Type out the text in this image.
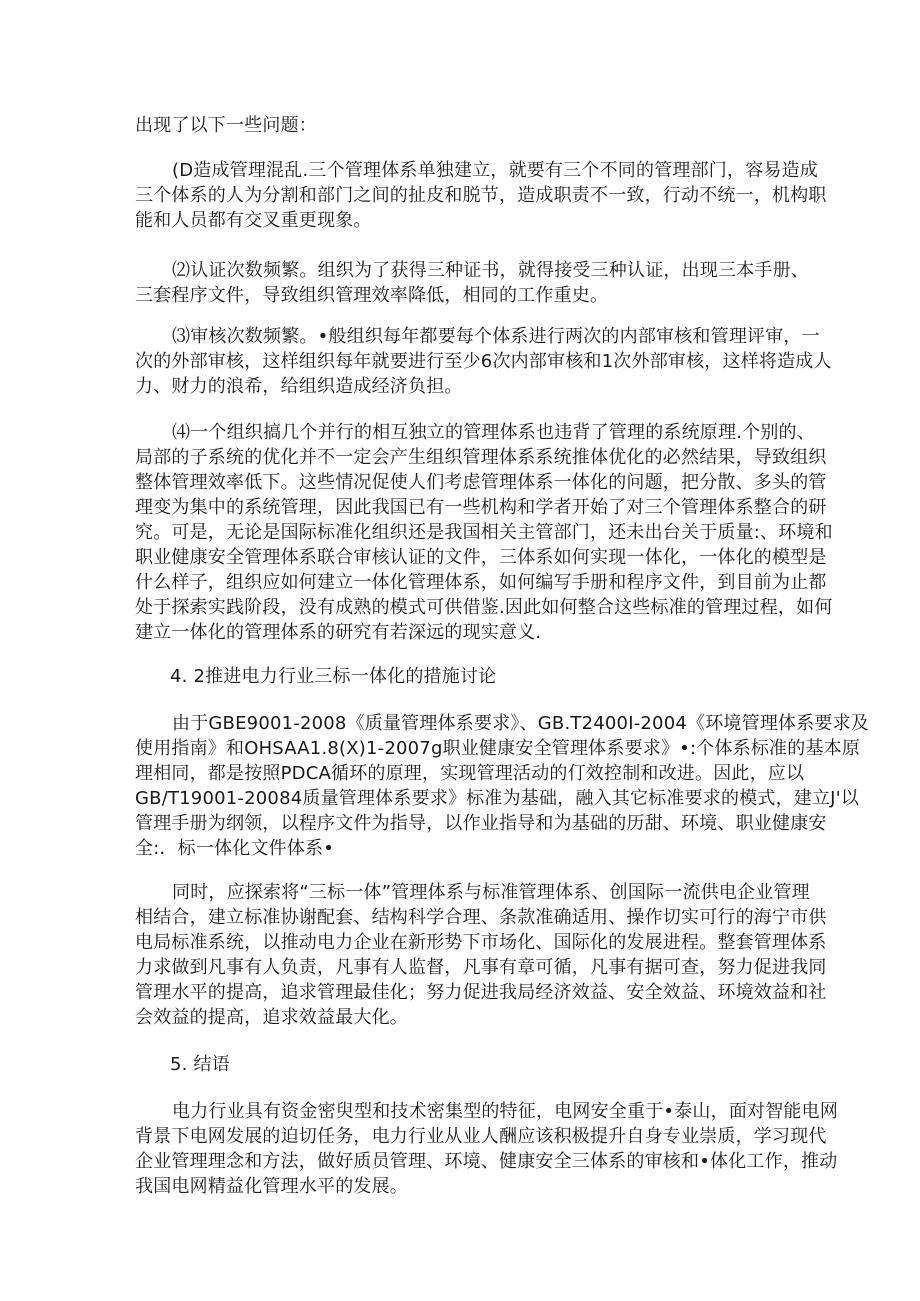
出现了以下一些问题：
(D造成管理混乱.三个管理体系单独建立，就要有三个不同的管理部门，容易造成
三个体系的人为分割和部门之间的扯皮和脱节，造成职责不一致，行动不统一，机构职
能和人员都有交叉重更现象。
⑵认证次数频繁。组织为了获得三种证书，就得接受三种认证，出现三本手册、
三套程序文件，导致组织管理效率降低，相同的工作重史。
⑶审核次数频繁。•般组织每年都要每个体系进行两次的内部审核和管理评审，一
次的外部审核，这样组织每年就要进行至少6次内部审核和1次外部审核，这样将造成人
力、财力的浪希，给组织造成经济负担。
⑷一个组织搞几个并行的相互独立的管理体系也违背了管理的系统原理.个别的、
局部的子系统的优化并不一定会产生组织管理体系系统推体优化的必然结果，导致组织
整体管理效率低下。这些情况促使人们考虑管理体系一体化的问题，把分散、多头的管
理变为集中的系统管理，因此我国已有一些机构和学者开始了对三个管理体系整合的研
究。可是，无论是国际标准化组织还是我国相关主管部门，还未出台关于质量:、环境和
职业健康安全管理体系联合审核认证的文件，三体系如何实现一体化，一体化的模型是
什么样子，组织应如何建立一体化管理体系，如何编写手册和程序文件，到目前为止都
处于探索实践阶段，没有成熟的模式可供借鉴.因此如何整合这些标准的管理过程，如何
建立一体化的管理体系的研究有若深远的现实意义.
4. 2推进电力行业三标一体化的措施讨论
由于GBE9001-2008《质量管理体系要求》、GB.T2400I-2004《环境管理体系要求及
使用指南》和OHSAA1.8(X)1-2007g职业健康安全管理体系要求》•:个体系标准的基本原
理相同，都是按照PDCA循环的原理，实现管理活动的仃效控制和改进。因此，应以
GB/T19001-20084质量管理体系要求》标准为基础，融入其它标准要求的模式，建立J'以
管理手册为纲领，以程序文件为指导，以作业指导和为基础的历甜、环境、职业健康安
全:．标一体化文件体系•
同时，应探索将“三标一体”管理体系与标准管理体系、创国际一流供电企业管理
相结合，建立标准协谢配套、结构科学合理、条款准确适用、操作切实可行的海宁市供
电局标准系统，以推动电力企业在新形势下市场化、国际化的发展进程。整套管理体系
力求做到凡事有人负责，凡事有人监督，凡事有章可循，凡事有据可查，努力促进我同
管理水平的提高，追求管理最佳化；努力促进我局经济效益、安全效益、环境效益和社
会效益的提高，追求效益最大化。
5. 结语
电力行业具有资金密臾型和技术密集型的特征，电网安全重于•泰山，面对智能电网
背景下电网发展的迫切任务，电力行业从业人酬应该积极提升自身专业崇质，学习现代
企业管理理念和方法，做好质员管理、环境、健康安全三体系的审核和•体化工作，推动
我国电网精益化管理水平的发展。
